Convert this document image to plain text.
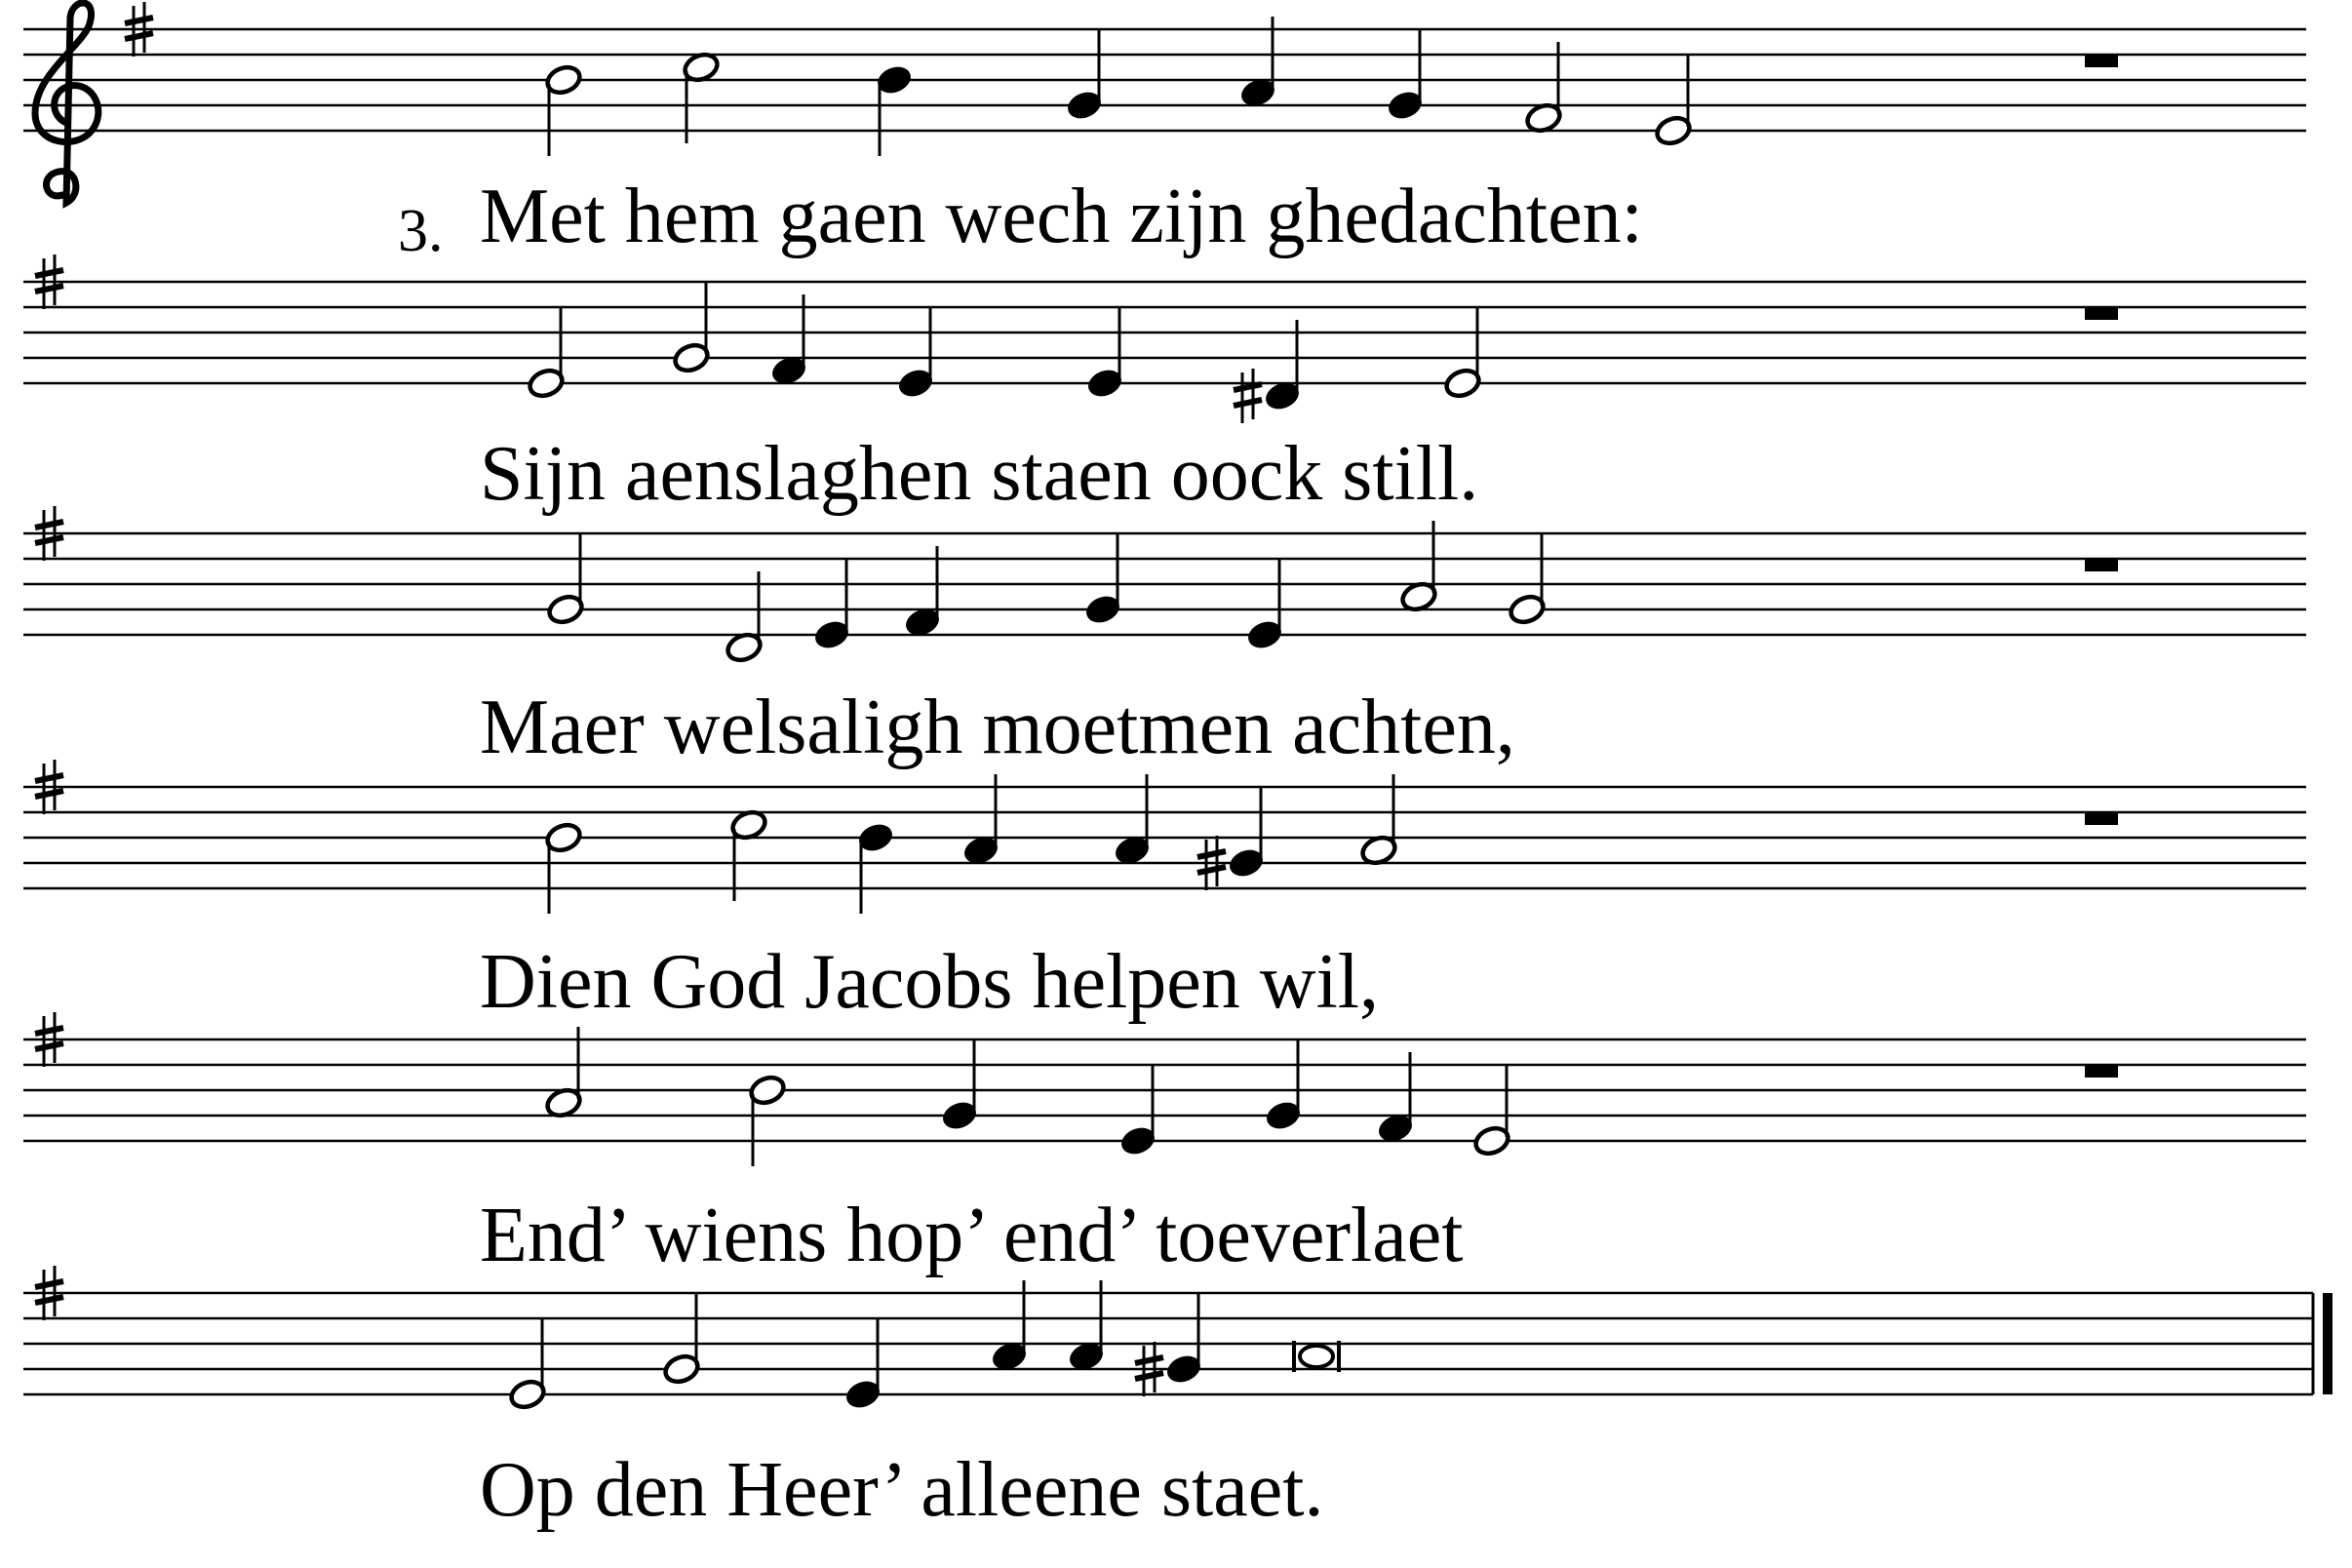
3. Met hem gaen wech zijn ghedachten:
Sijn aenslaghen staen oock still.
Maer welsaligh moetmen achten,
Dien God Jacobs helpen wil,
End’ wiens hop’ end’ toeverlaet
Op den Heer’ alleene staet.
